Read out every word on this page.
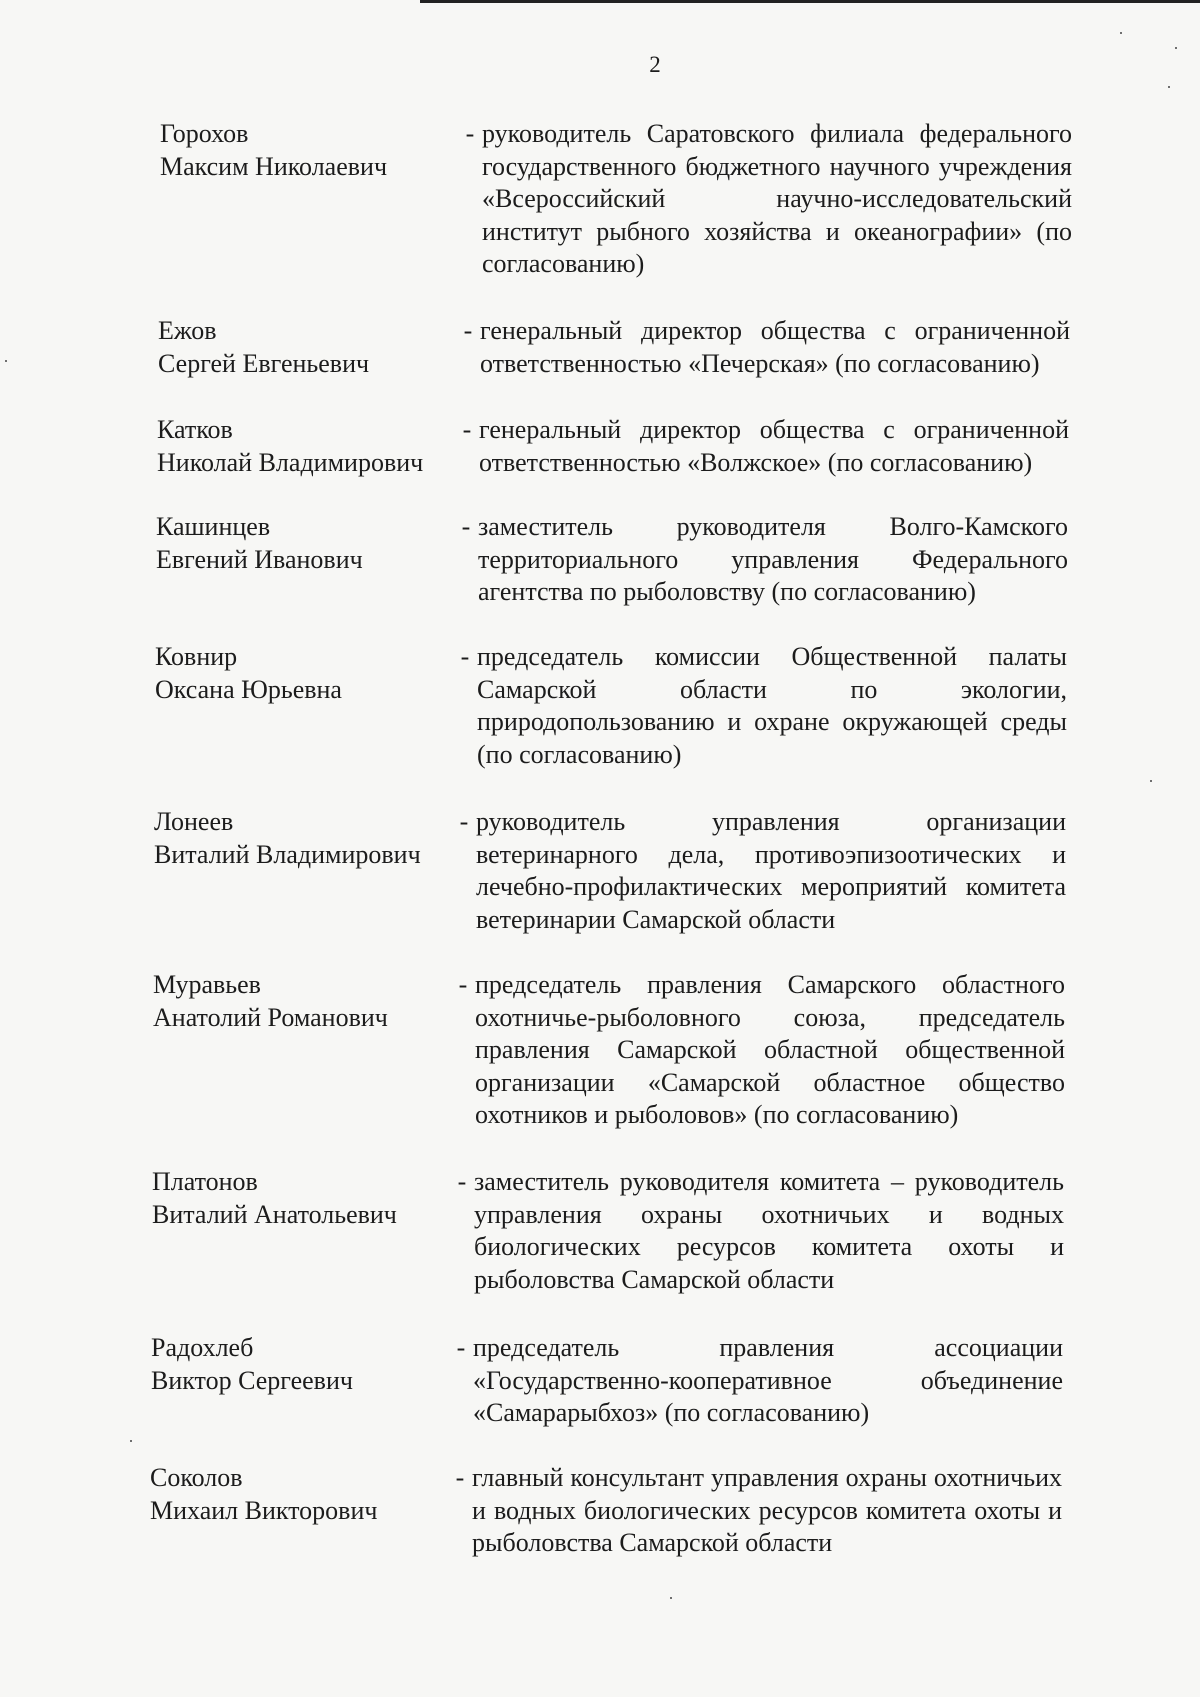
2
Горохов
Максим Николаевич
- руководитель Саратовского филиала федерального государственного бюджетного научного учреждения «Всероссийский научно-исследовательский институт рыбного хозяйства и океанографии» (по согласованию)
Ежов
Сергей Евгеньевич
- генеральный директор общества с ограниченной ответственностью «Печерская» (по согласованию)
Катков
Николай Владимирович
- генеральный директор общества с ограниченной ответственностью «Волжское» (по согласованию)
Кашинцев
Евгений Иванович
- заместитель руководителя Волго-Камского территориального управления Федерального агентства по рыболовству (по согласованию)
Ковнир
Оксана Юрьевна
- председатель комиссии Общественной палаты Самарской области по экологии, природопользованию и охране окружающей среды (по согласованию)
Лонеев
Виталий Владимирович
- руководитель управления организации ветеринарного дела, противоэпизоотических и лечебно-профилактических мероприятий комитета ветеринарии Самарской области
Муравьев
Анатолий Романович
- председатель правления Самарского областного охотничье-рыболовного союза, председатель правления Самарской областной общественной организации «Самарской областное общество охотников и рыболовов» (по согласованию)
Платонов
Виталий Анатольевич
- заместитель руководителя комитета – руководитель управления охраны охотничьих и водных биологических ресурсов комитета охоты и рыболовства Самарской области
Радохлеб
Виктор Сергеевич
- председатель правления ассоциации «Государственно-кооперативное объединение «Самарарыбхоз» (по согласованию)
Соколов
Михаил Викторович
- главный консультант управления охраны охотничьих и водных биологических ресурсов комитета охоты и рыболовства Самарской области
